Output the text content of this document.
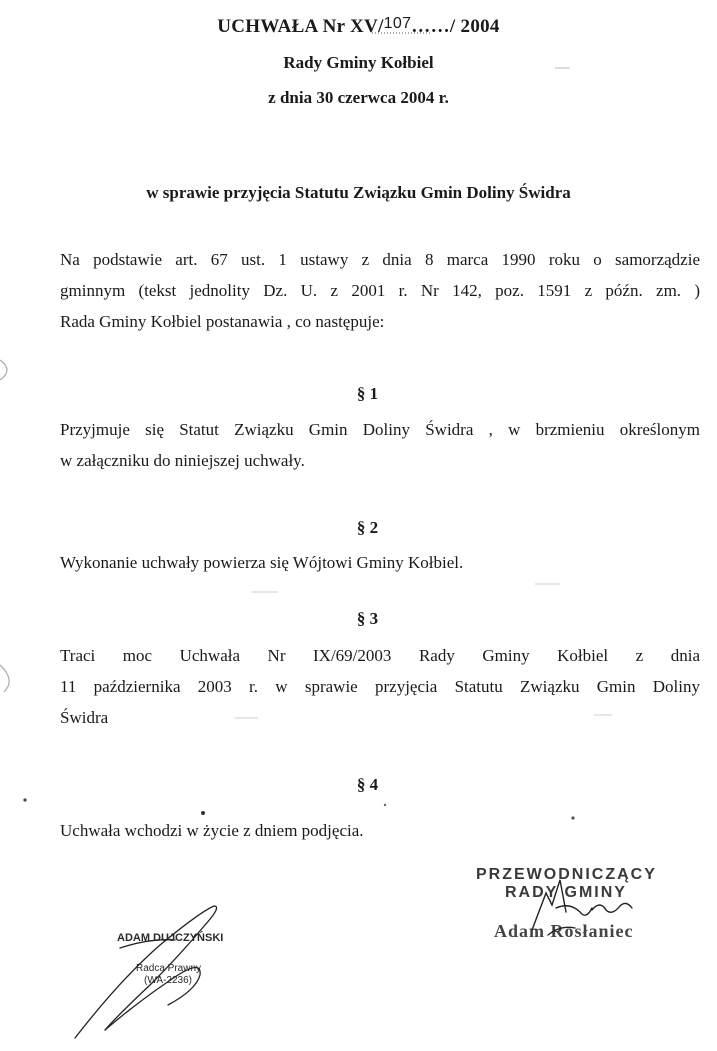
UCHWAŁA Nr XV/$^{107}$……/ 2004
Rady Gminy Kołbiel
z dnia 30 czerwca 2004 r.
w sprawie przyjęcia Statutu Związku Gmin Doliny Świdra
Na podstawie art. 67 ust. 1 ustawy z dnia 8 marca 1990 roku o samorządzie
gminnym (tekst jednolity Dz. U. z 2001 r. Nr 142, poz. 1591 z późn. zm. )
Rada Gminy Kołbiel postanawia , co następuje:
§ 1
Przyjmuje się Statut Związku Gmin Doliny Świdra , w brzmieniu określonym
w załączniku do niniejszej uchwały.
§ 2
Wykonanie uchwały powierza się Wójtowi Gminy Kołbiel.
§ 3
Traci moc Uchwała Nr IX/69/2003 Rady Gminy Kołbiel z dnia
11 października 2003 r. w sprawie przyjęcia Statutu Związku Gmin Doliny
Świdra
§ 4
Uchwała wchodzi w życie z dniem podjęcia.
PRZEWODNICZĄCY
RADY GMINY
Adam Rosłaniec
ADAM DUJCZYŃSKI
Radca Prawny
(WA-2236)
